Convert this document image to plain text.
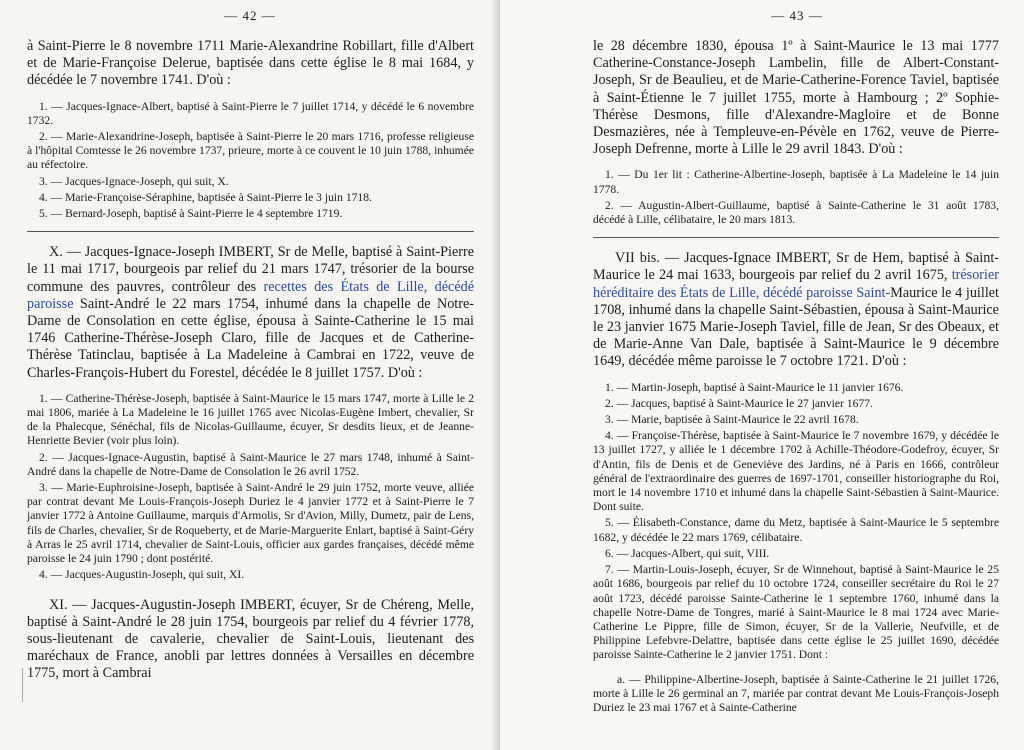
— 42 —

à Saint-Pierre le 8 novembre 1711 Marie-Alexandrine Robillart, fille d'Albert et de Marie-Françoise Delerue, baptisée dans cette église le 8 mai 1684, y décédée le 7 novembre 1741. D'où :

1. — Jacques-Ignace-Albert, baptisé à Saint-Pierre le 7 juillet 1714, y décédé le 6 novembre 1732.

2. — Marie-Alexandrine-Joseph, baptisée à Saint-Pierre le 20 mars 1716, professe religieuse à l'hôpital Comtesse le 26 novembre 1737, prieure, morte à ce couvent le 10 juin 1788, inhumée au réfectoire.

3. — Jacques-Ignace-Joseph, qui suit, X.

4. — Marie-Françoise-Séraphine, baptisée à Saint-Pierre le 3 juin 1718.

5. — Bernard-Joseph, baptisé à Saint-Pierre le 4 septembre 1719.

X. — Jacques-Ignace-Joseph IMBERT, Sr de Melle, baptisé à Saint-Pierre le 11 mai 1717, bourgeois par relief du 21 mars 1747, trésorier de la bourse commune des pauvres, contrôleur des recettes des États de Lille, décédé paroisse Saint-André le 22 mars 1754, inhumé dans la chapelle de Notre-Dame de Consolation en cette église, épousa à Sainte-Catherine le 15 mai 1746 Catherine-Thérèse-Joseph Claro, fille de Jacques et de Catherine-Thérèse Tatinclau, baptisée à La Madeleine à Cambrai en 1722, veuve de Charles-François-Hubert du Forestel, décédée le 8 juillet 1757. D'où :

1. — Catherine-Thérèse-Joseph, baptisée à Saint-Maurice le 15 mars 1747, morte à Lille le 2 mai 1806, mariée à La Madeleine le 16 juillet 1765 avec Nicolas-Eugène Imbert, chevalier, Sr de la Phalecque, Sénéchal, fils de Nicolas-Guillaume, écuyer, Sr desdits lieux, et de Jeanne-Henriette Bevier (voir plus loin).

2. — Jacques-Ignace-Augustin, baptisé à Saint-Maurice le 27 mars 1748, inhumé à Saint-André dans la chapelle de Notre-Dame de Consolation le 26 avril 1752.

3. — Marie-Euphroisine-Joseph, baptisée à Saint-André le 29 juin 1752, morte veuve, alliée par contrat devant Me Louis-François-Joseph Duriez le 4 janvier 1772 et à Saint-Pierre le 7 janvier 1772 à Antoine Guillaume, marquis d'Armolis, Sr d'Avion, Milly, Dumetz, pair de Lens, fils de Charles, chevalier, Sr de Roqueberty, et de Marie-Marguerite Enlart, baptisé à Saint-Géry à Arras le 25 avril 1714, chevalier de Saint-Louis, officier aux gardes françaises, décédé même paroisse le 24 juin 1790 ; dont postérité.

4. — Jacques-Augustin-Joseph, qui suit, XI.

XI. — Jacques-Augustin-Joseph IMBERT, écuyer, Sr de Chéreng, Melle, baptisé à Saint-André le 28 juin 1754, bourgeois par relief du 4 février 1778, sous-lieutenant de cavalerie, chevalier de Saint-Louis, lieutenant des maréchaux de France, anobli par lettres données à Versailles en décembre 1775, mort à Cambrai

— 43 —

le 28 décembre 1830, épousa 1º à Saint-Maurice le 13 mai 1777 Catherine-Constance-Joseph Lambelin, fille de Albert-Constant-Joseph, Sr de Beaulieu, et de Marie-Catherine-Forence Taviel, baptisée à Saint-Étienne le 7 juillet 1755, morte à Hambourg ; 2º Sophie-Thérèse Desmons, fille d'Alexandre-Magloire et de Bonne Desmazières, née à Templeuve-en-Pévèle en 1762, veuve de Pierre-Joseph Defrenne, morte à Lille le 29 avril 1843. D'où :

1. — Du 1er lit : Catherine-Albertine-Joseph, baptisée à La Madeleine le 14 juin 1778.

2. — Augustin-Albert-Guillaume, baptisé à Sainte-Catherine le 31 août 1783, décédé à Lille, célibataire, le 20 mars 1813.

VII bis. — Jacques-Ignace IMBERT, Sr de Hem, baptisé à Saint-Maurice le 24 mai 1633, bourgeois par relief du 2 avril 1675, trésorier héréditaire des États de Lille, décédé paroisse Saint-Maurice le 4 juillet 1708, inhumé dans la chapelle Saint-Sébastien, épousa à Saint-Maurice le 23 janvier 1675 Marie-Joseph Taviel, fille de Jean, Sr des Obeaux, et de Marie-Anne Van Dale, baptisée à Saint-Maurice le 9 décembre 1649, décédée même paroisse le 7 octobre 1721. D'où :

1. — Martin-Joseph, baptisé à Saint-Maurice le 11 janvier 1676.

2. — Jacques, baptisé à Saint-Maurice le 27 janvier 1677.

3. — Marie, baptisée à Saint-Maurice le 22 avril 1678.

4. — Françoise-Thérèse, baptisée à Saint-Maurice le 7 novembre 1679, y décédée le 13 juillet 1727, y alliée le 1 décembre 1702 à Achille-Théodore-Godefroy, écuyer, Sr d'Antin, fils de Denis et de Geneviève des Jardins, né à Paris en 1666, contrôleur général de l'extraordinaire des guerres de 1697-1701, conseiller historiographe du Roi, mort le 14 novembre 1710 et inhumé dans la chapelle Saint-Sébastien à Saint-Maurice. Dont suite.

5. — Élisabeth-Constance, dame du Metz, baptisée à Saint-Maurice le 5 septembre 1682, y décédée le 22 mars 1769, célibataire.

6. — Jacques-Albert, qui suit, VIII.

7. — Martin-Louis-Joseph, écuyer, Sr de Winnehout, baptisé à Saint-Maurice le 25 août 1686, bourgeois par relief du 10 octobre 1724, conseiller secrétaire du Roi le 27 août 1723, décédé paroisse Sainte-Catherine le 1 septembre 1760, inhumé dans la chapelle Notre-Dame de Tongres, marié à Saint-Maurice le 8 mai 1724 avec Marie-Catherine Le Pippre, fille de Simon, écuyer, Sr de la Vallerie, Neufville, et de Philippine Lefebvre-Delattre, baptisée dans cette église le 25 juillet 1690, décédée paroisse Sainte-Catherine le 2 janvier 1751. Dont :

a. — Philippine-Albertine-Joseph, baptisée à Sainte-Catherine le 21 juillet 1726, morte à Lille le 26 germinal an 7, mariée par contrat devant Me Louis-François-Joseph Duriez le 23 mai 1767 et à Sainte-Catherine
